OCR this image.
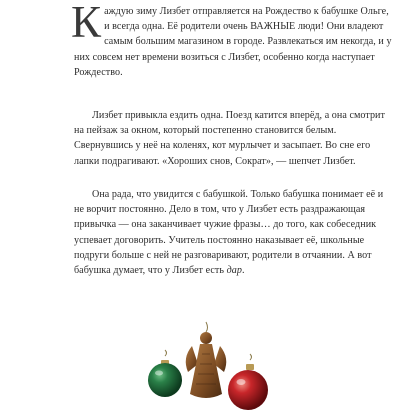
Каждую зиму Лизбет отправляется на Рождество к бабушке Ольге, и всегда одна. Её родители очень ВАЖНЫЕ люди! Они владеют самым большим магазином в городе. Развлекаться им некогда, и у них совсем нет времени возиться с Лизбет, особенно когда наступает Рождество.

Лизбет привыкла ездить одна. Поезд катится вперёд, а она смотрит на пейзаж за окном, который постепенно становится белым. Свернувшись у неё на коленях, кот мурлычет и засыпает. Во сне его лапки подрагивают. «Хороших снов, Сократ», — шепчет Лизбет.

Она рада, что увидится с бабушкой. Только бабушка понимает её и не ворчит постоянно. Дело в том, что у Лизбет есть раздражающая привычка — она заканчивает чужие фразы… до того, как собеседник успевает договорить. Учитель постоянно наказывает её, школьные подруги больше с ней не разговаривают, родители в отчаянии. А вот бабушка думает, что у Лизбет есть дар.
